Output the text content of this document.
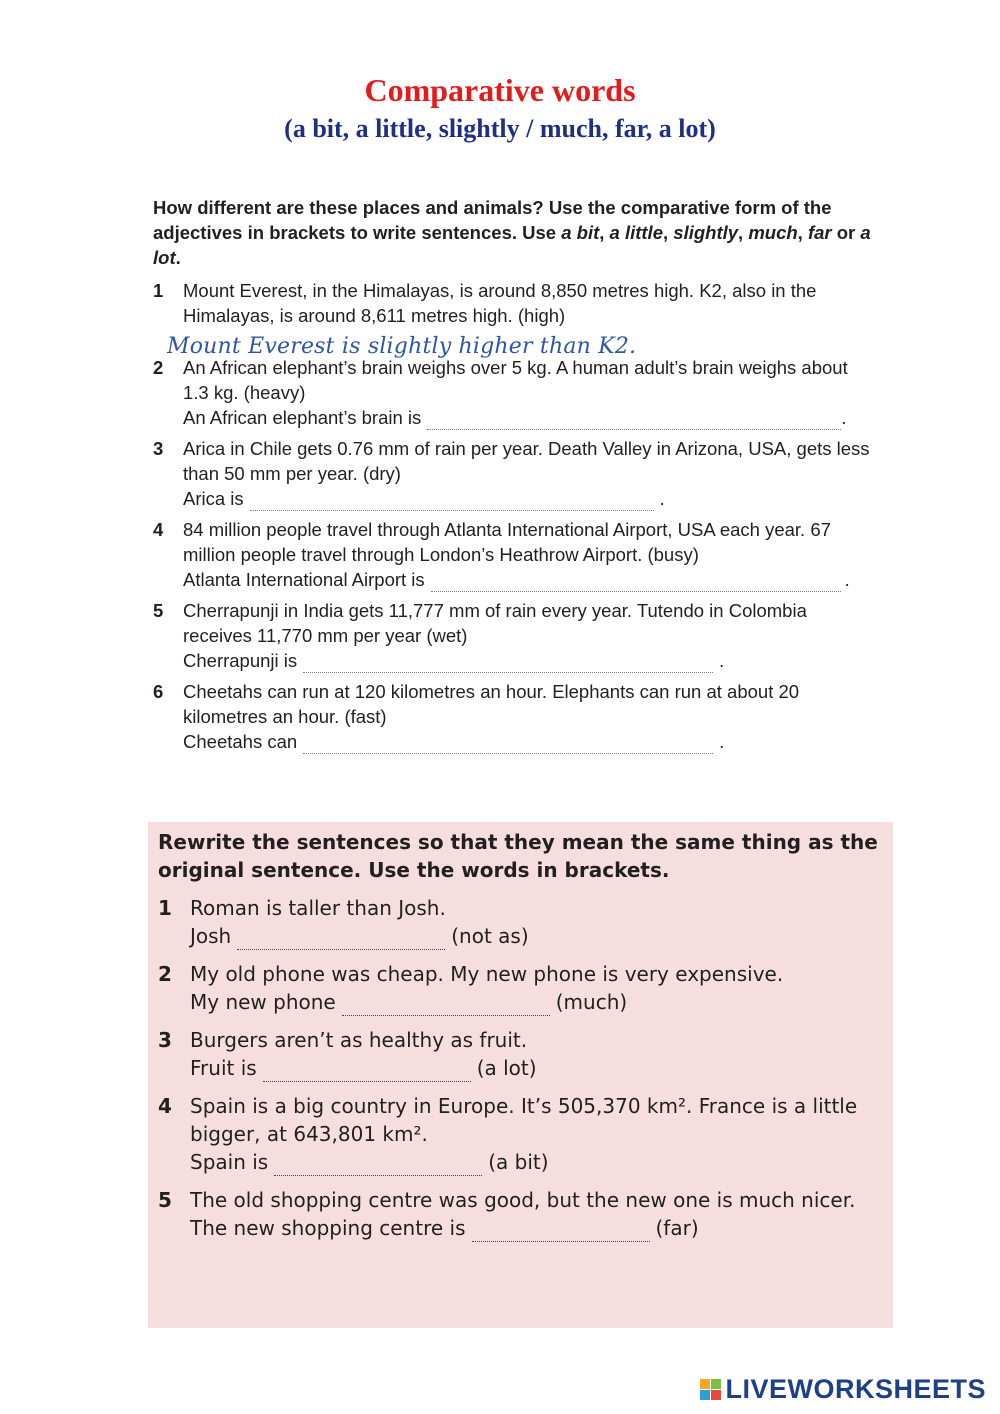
Comparative words
(a bit, a little, slightly / much, far, a lot)
How different are these places and animals? Use the comparative form of the adjectives in brackets to write sentences. Use a bit, a little, slightly, much, far or a lot.
1 Mount Everest, in the Himalayas, is around 8,850 metres high. K2, also in the Himalayas, is around 8,611 metres high. (high)
Mount Everest is slightly higher than K2.
2 An African elephant’s brain weighs over 5 kg. A human adult’s brain weighs about 1.3 kg. (heavy)
An African elephant’s brain is	.
3 Arica in Chile gets 0.76 mm of rain per year. Death Valley in Arizona, USA, gets less than 50 mm per year. (dry)
Arica is	.
4 84 million people travel through Atlanta International Airport, USA each year. 67 million people travel through London’s Heathrow Airport. (busy)
Atlanta International Airport is	.
5 Cherrapunji in India gets 11,777 mm of rain every year. Tutendo in Colombia receives 11,770 mm per year (wet)
Cherrapunji is	.
6 Cheetahs can run at 120 kilometres an hour. Elephants can run at about 20 kilometres an hour. (fast)
Cheetahs can	.
Rewrite the sentences so that they mean the same thing as the original sentence. Use the words in brackets.
1 Roman is taller than Josh.
Josh	(not as)
2 My old phone was cheap. My new phone is very expensive.
My new phone	(much)
3 Burgers aren’t as healthy as fruit.
Fruit is	(a lot)
4 Spain is a big country in Europe. It’s 505,370 km². France is a little bigger, at 643,801 km².
Spain is	(a bit)
5 The old shopping centre was good, but the new one is much nicer.
The new shopping centre is	(far)
LIVEWORKSHEETS
